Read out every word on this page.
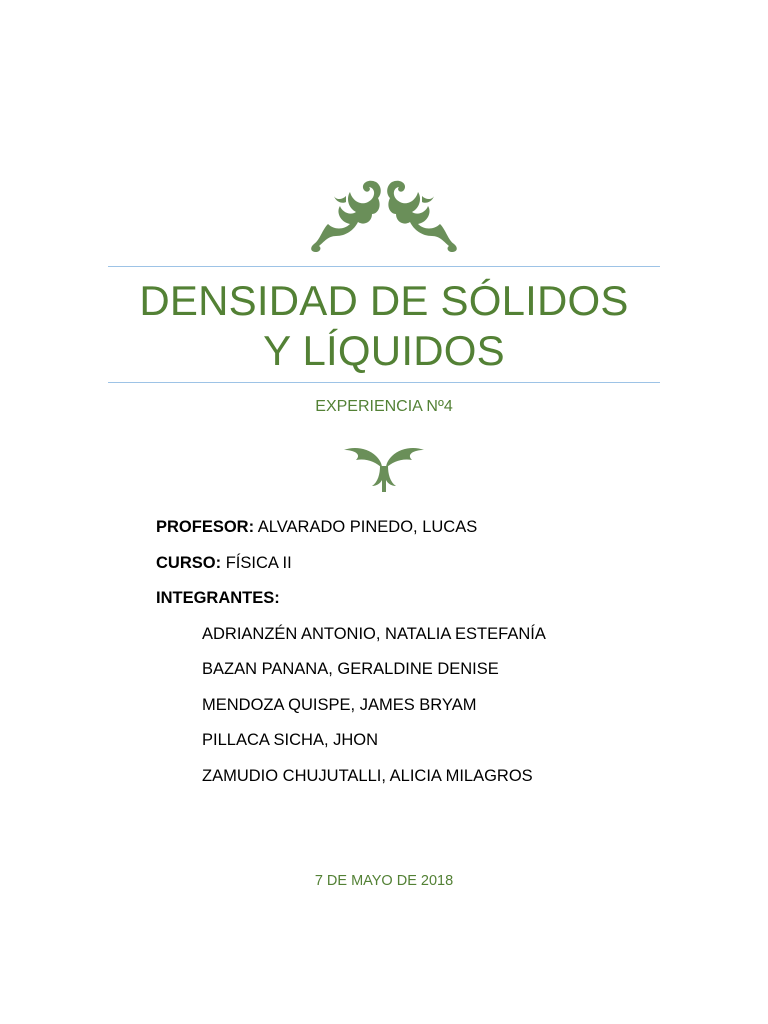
DENSIDAD DE SÓLIDOS
Y LÍQUIDOS
EXPERIENCIA Nº4
PROFESOR: ALVARADO PINEDO, LUCAS
CURSO: FÍSICA II
INTEGRANTES:
ADRIANZÉN ANTONIO, NATALIA ESTEFANÍA
BAZAN PANANA, GERALDINE DENISE
MENDOZA QUISPE, JAMES BRYAM
PILLACA SICHA, JHON
ZAMUDIO CHUJUTALLI, ALICIA MILAGROS
7 DE MAYO DE 2018
